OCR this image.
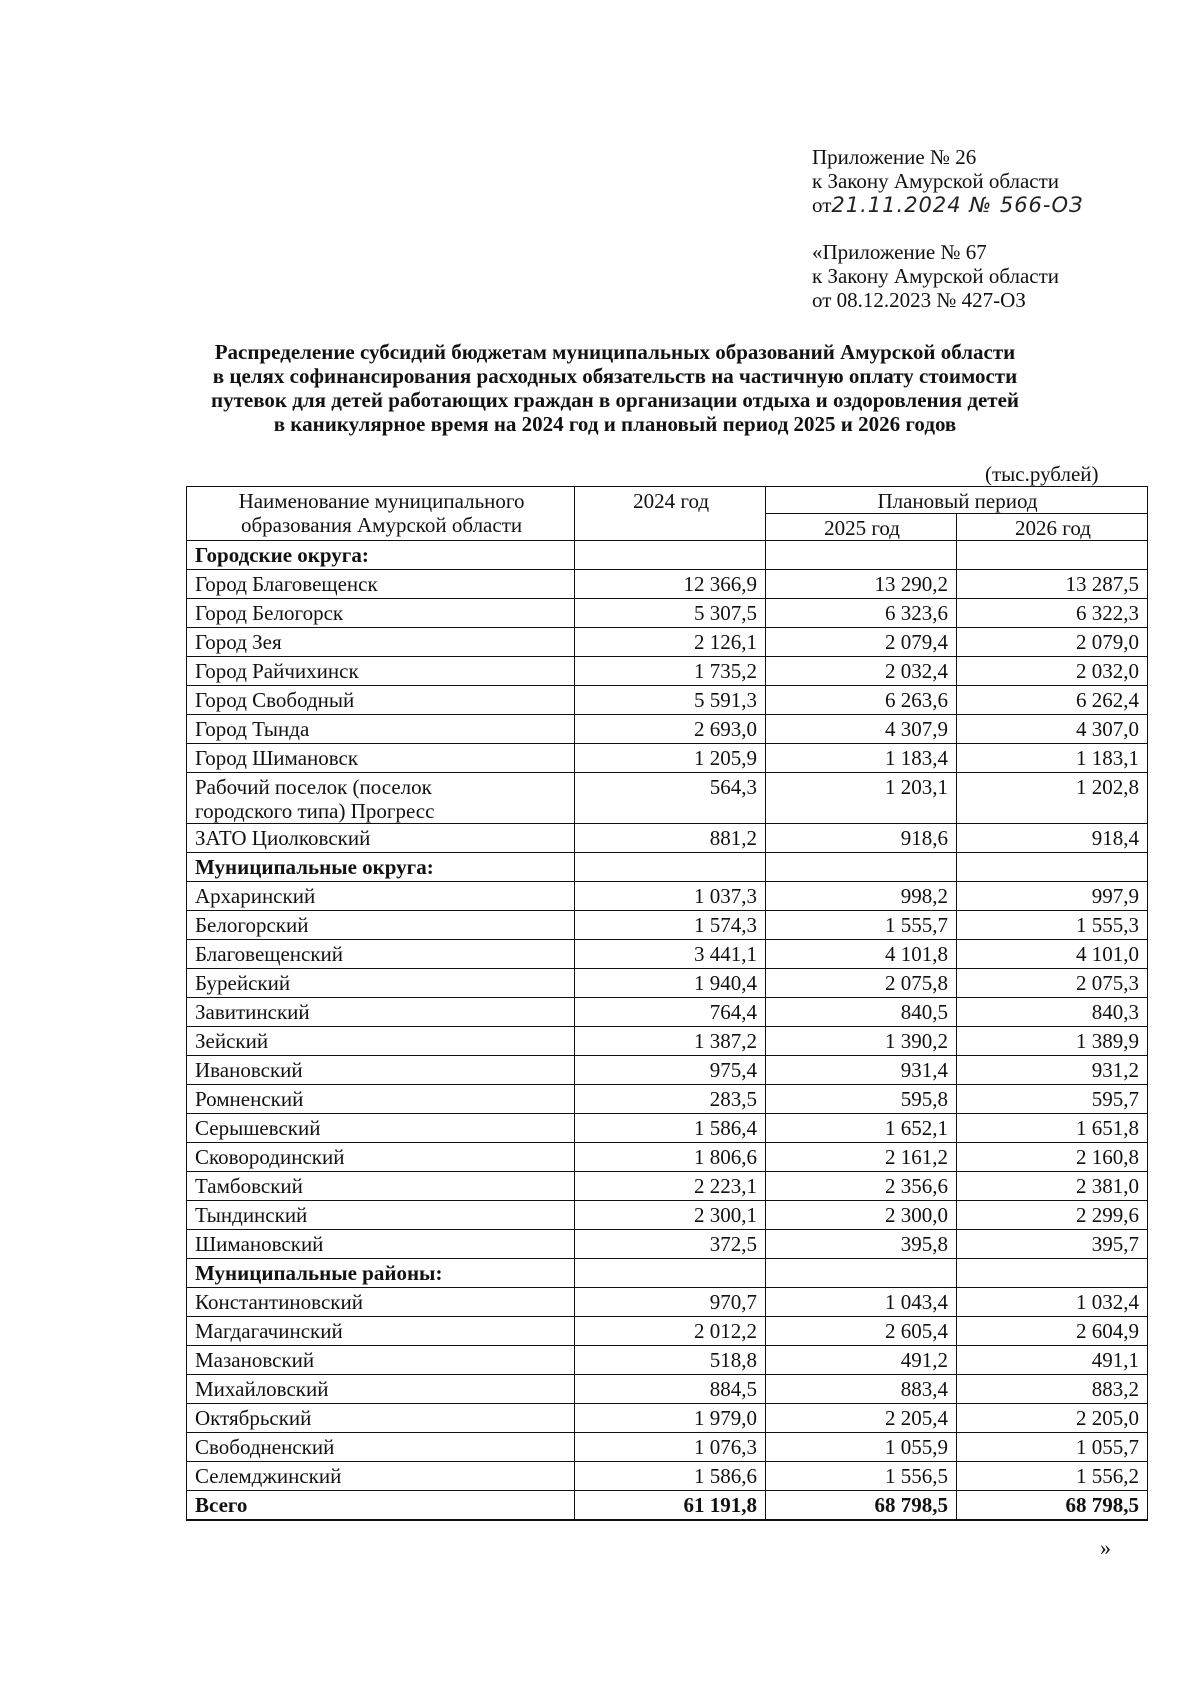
Приложение № 26
к Закону Амурской области
от21.11.2024 № 566-ОЗ
«Приложение № 67
к Закону Амурской области
от 08.12.2023 № 427-ОЗ
Распределение субсидий бюджетам муниципальных образований Амурской области
в целях софинансирования расходных обязательств на частичную оплату стоимости
путевок для детей работающих граждан в организации отдыха и оздоровления детей
в каникулярное время на 2024 год и плановый период 2025 и 2026 годов
(тыс.рублей)
Наименование муниципального
образования Амурской области	2024 год	Плановый период	
		2025 год	2026 год
Городские округа:			

Город Благовещенск	12 366,9	13 290,2	13 287,5

Город Белогорск	5 307,5	6 323,6	6 322,3

Город Зея	2 126,1	2 079,4	2 079,0

Город Райчихинск	1 735,2	2 032,4	2 032,0

Город Свободный	5 591,3	6 263,6	6 262,4

Город Тында	2 693,0	4 307,9	4 307,0

Город Шимановск	1 205,9	1 183,4	1 183,1

Рабочий поселок (поселок
городского типа) Прогресс	564,3	1 203,1	1 202,8

ЗАТО Циолковский	881,2	918,6	918,4
Муниципальные округа:			

Архаринский	1 037,3	998,2	997,9

Белогорский	1 574,3	1 555,7	1 555,3

Благовещенский	3 441,1	4 101,8	4 101,0

Бурейский	1 940,4	2 075,8	2 075,3

Завитинский	764,4	840,5	840,3

Зейский	1 387,2	1 390,2	1 389,9

Ивановский	975,4	931,4	931,2

Ромненский	283,5	595,8	595,7

Серышевский	1 586,4	1 652,1	1 651,8

Сковородинский	1 806,6	2 161,2	2 160,8

Тамбовский	2 223,1	2 356,6	2 381,0

Тындинский	2 300,1	2 300,0	2 299,6

Шимановский	372,5	395,8	395,7
Муниципальные районы:			

Константиновский	970,7	1 043,4	1 032,4

Магдагачинский	2 012,2	2 605,4	2 604,9

Мазановский	518,8	491,2	491,1

Михайловский	884,5	883,4	883,2

Октябрьский	1 979,0	2 205,4	2 205,0

Свободненский	1 076,3	1 055,9	1 055,7

Селемджинский	1 586,6	1 556,5	1 556,2
Всего	61 191,8	68 798,5	68 798,5
»
